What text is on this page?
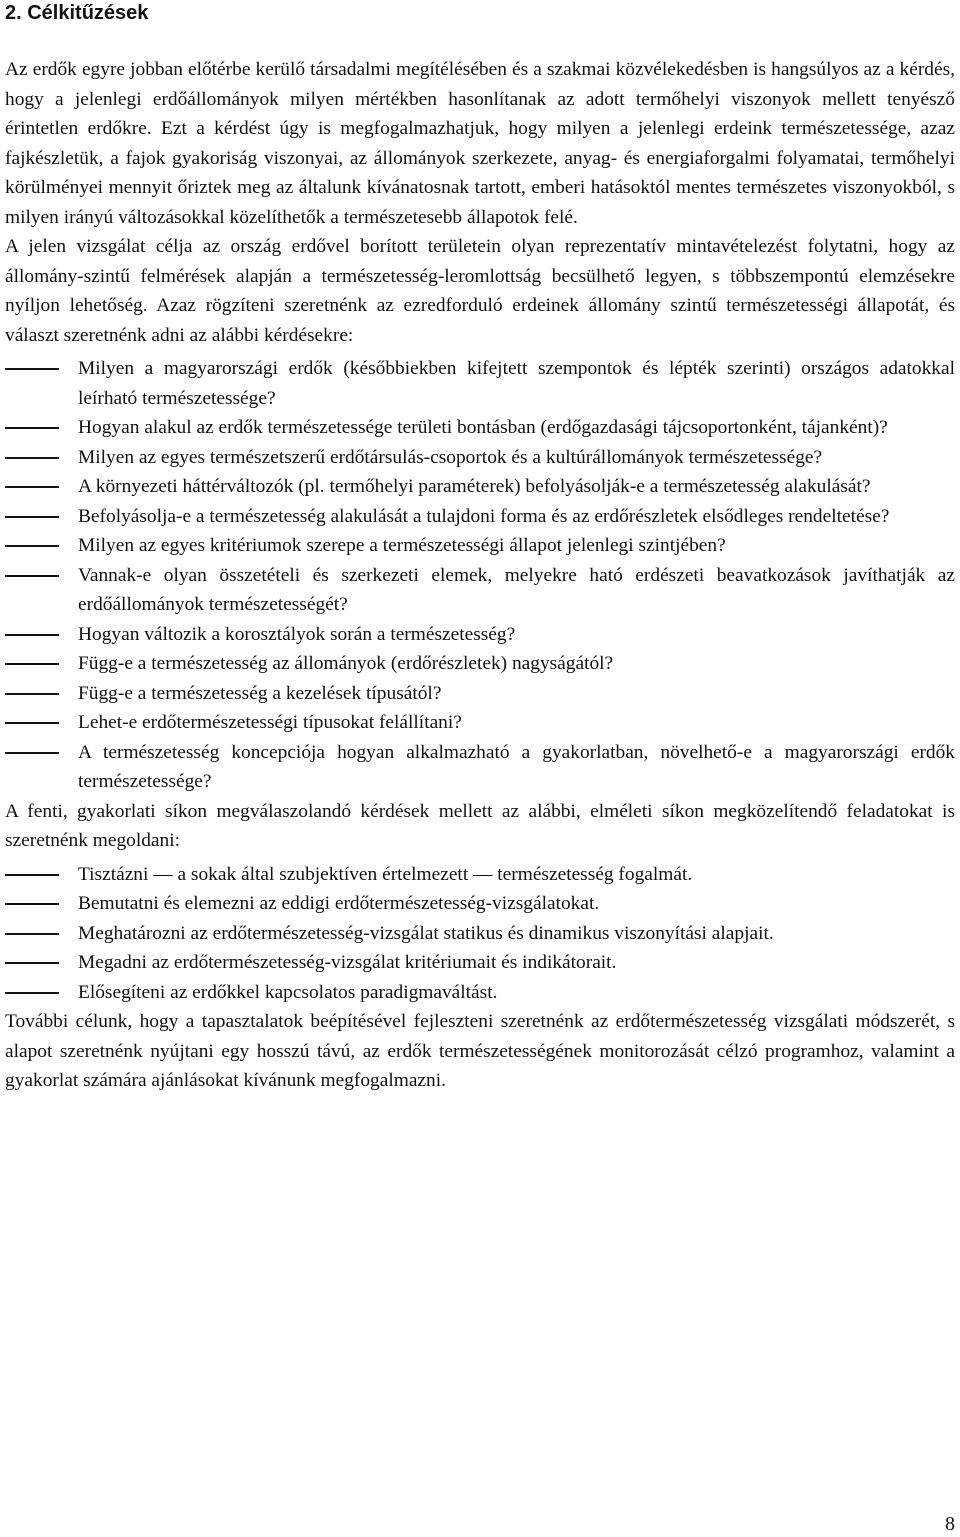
2. Célkitűzések

Az erdők egyre jobban előtérbe kerülő társadalmi megítélésében és a szakmai közvélekedésben is hangsúlyos az a kérdés, hogy a jelenlegi erdőállományok milyen mértékben hasonlítanak az adott termőhelyi viszonyok mellett tenyésző érintetlen erdőkre. Ezt a kérdést úgy is megfogalmazhatjuk, hogy milyen a jelenlegi erdeink természetessége, azaz fajkészletük, a fajok gyakoriság viszonyai, az állományok szerkezete, anyag- és energiaforgalmi folyamatai, termőhelyi körülményei mennyit őriztek meg az általunk kívánatosnak tartott, emberi hatásoktól mentes természetes viszonyokból, s milyen irányú változásokkal közelíthetők a természetesebb állapotok felé.

A jelen vizsgálat célja az ország erdővel borított területein olyan reprezentatív mintavételezést folytatni, hogy az állomány-szintű felmérések alapján a természetesség-leromlottság becsülhető legyen, s többszempontú elemzésekre nyíljon lehetőség. Azaz rögzíteni szeretnénk az ezredforduló erdeinek állomány szintű természetességi állapotát, és választ szeretnénk adni az alábbi kérdésekre:

Milyen a magyarországi erdők (későbbiekben kifejtett szempontok és lépték szerinti) országos adatokkal leírható természetessége?
Hogyan alakul az erdők természetessége területi bontásban (erdőgazdasági tájcsoportonként, tájanként)?
Milyen az egyes természetszerű erdőtársulás-csoportok és a kultúrállományok természetessége?
A környezeti háttérváltozók (pl. termőhelyi paraméterek) befolyásolják-e a természetesség alakulását?
Befolyásolja-e a természetesség alakulását a tulajdoni forma és az erdőrészletek elsődleges rendeltetése?
Milyen az egyes kritériumok szerepe a természetességi állapot jelenlegi szintjében?
Vannak-e olyan összetételi és szerkezeti elemek, melyekre ható erdészeti beavatkozások javíthatják az erdőállományok természetességét?
Hogyan változik a korosztályok során a természetesség?
Függ-e a természetesség az állományok (erdőrészletek) nagyságától?
Függ-e a természetesség a kezelések típusától?
Lehet-e erdőtermészetességi típusokat felállítani?
A természetesség koncepciója hogyan alkalmazható a gyakorlatban, növelhető-e a magyarországi erdők természetessége?

A fenti, gyakorlati síkon megválaszolandó kérdések mellett az alábbi, elméleti síkon megközelítendő feladatokat is szeretnénk megoldani:

Tisztázni — a sokak által szubjektíven értelmezett — természetesség fogalmát.
Bemutatni és elemezni az eddigi erdőtermészetesség-vizsgálatokat.
Meghatározni az erdőtermészetesség-vizsgálat statikus és dinamikus viszonyítási alapjait.
Megadni az erdőtermészetesség-vizsgálat kritériumait és indikátorait.
Elősegíteni az erdőkkel kapcsolatos paradigmaváltást.

További célunk, hogy a tapasztalatok beépítésével fejleszteni szeretnénk az erdőtermészetesség vizsgálati módszerét, s alapot szeretnénk nyújtani egy hosszú távú, az erdők természetességének monitorozását célzó programhoz, valamint a gyakorlat számára ajánlásokat kívánunk megfogalmazni.

8
